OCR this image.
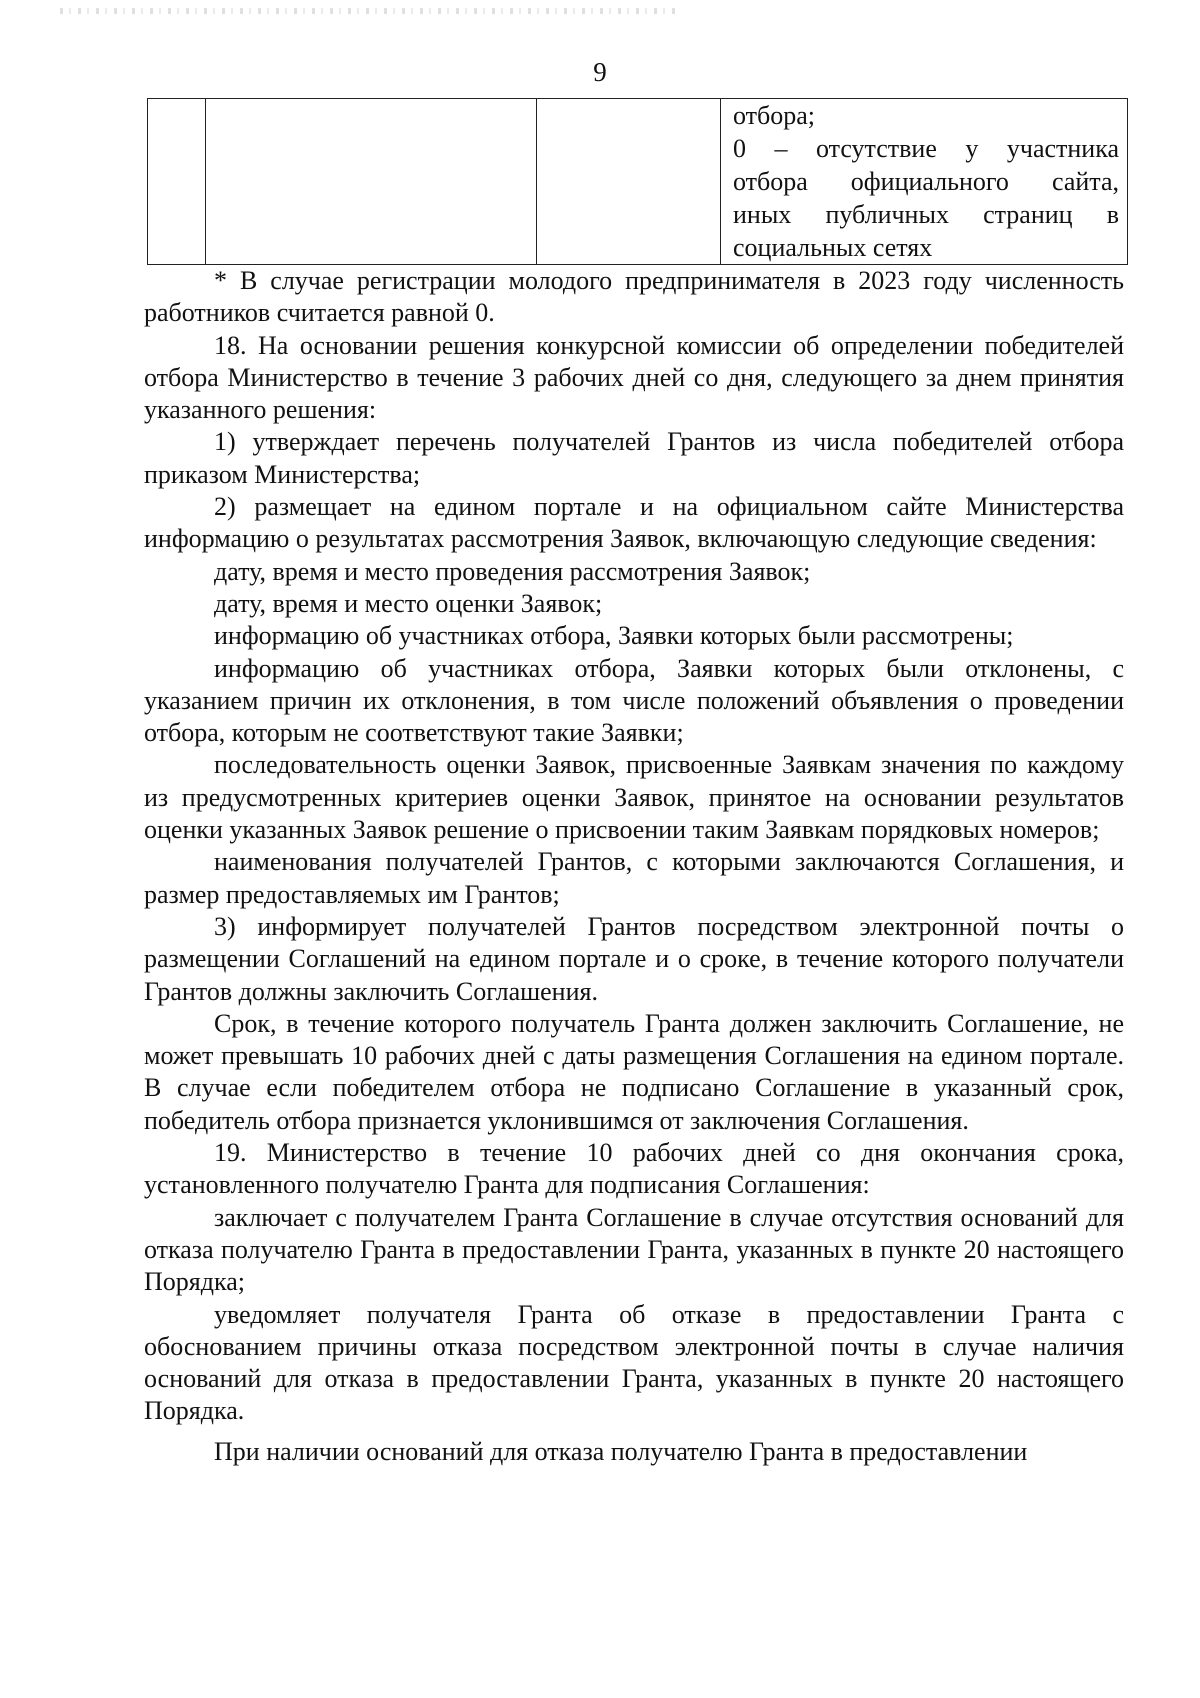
9

отбора;
0 – отсутствие у участника
отбора официального сайта,
иных публичных страниц в
социальных сетях

* В случае регистрации молодого предпринимателя в 2023 году численность работников считается равной 0.

18. На основании решения конкурсной комиссии об определении победителей отбора Министерство в течение 3 рабочих дней со дня, следующего за днем принятия указанного решения:

1) утверждает перечень получателей Грантов из числа победителей отбора приказом Министерства;

2) размещает на едином портале и на официальном сайте Министерства информацию о результатах рассмотрения Заявок, включающую следующие сведения:

дату, время и место проведения рассмотрения Заявок;

дату, время и место оценки Заявок;

информацию об участниках отбора, Заявки которых были рассмотрены;

информацию об участниках отбора, Заявки которых были отклонены, с указанием причин их отклонения, в том числе положений объявления о проведении отбора, которым не соответствуют такие Заявки;

последовательность оценки Заявок, присвоенные Заявкам значения по каждому из предусмотренных критериев оценки Заявок, принятое на основании результатов оценки указанных Заявок решение о присвоении таким Заявкам порядковых номеров;

наименования получателей Грантов, с которыми заключаются Соглашения, и размер предоставляемых им Грантов;

3) информирует получателей Грантов посредством электронной почты о размещении Соглашений на едином портале и о сроке, в течение которого получатели Грантов должны заключить Соглашения.

Срок, в течение которого получатель Гранта должен заключить Соглашение, не может превышать 10 рабочих дней с даты размещения Соглашения на едином портале. В случае если победителем отбора не подписано Соглашение в указанный срок, победитель отбора признается уклонившимся от заключения Соглашения.

19. Министерство в течение 10 рабочих дней со дня окончания срока, установленного получателю Гранта для подписания Соглашения:

заключает с получателем Гранта Соглашение в случае отсутствия оснований для отказа получателю Гранта в предоставлении Гранта, указанных в пункте 20 настоящего Порядка;

уведомляет получателя Гранта об отказе в предоставлении Гранта с обоснованием причины отказа посредством электронной почты в случае наличия оснований для отказа в предоставлении Гранта, указанных в пункте 20 настоящего Порядка.

При наличии оснований для отказа получателю Гранта в предоставлении
